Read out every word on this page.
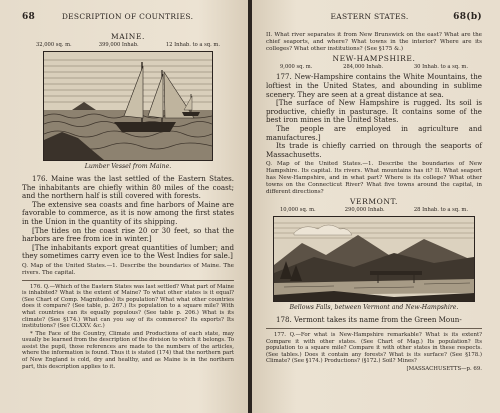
68	DESCRIPTION OF COUNTRIES.
MAINE.
32,000 sq. m.	399,000 Inhab.	12 Inhab. to a sq. m.
Lumber Vessel from Maine.

176. Maine was the last settled of the Eastern States. The inhabitants are chiefly within 80 miles of the coast; and the northern half is still covered with forests.

The extensive sea coasts and fine harbors of Maine are favorable to commerce, as it is now among the first states in the Union in the quantity of its shipping.

[The tides on the coast rise 20 or 30 feet, so that the harbors are free from ice in winter.]

[The inhabitants export great quantities of lumber; and they sometimes carry even ice to the West Indies for sale.]

Q. Map of the United States.—1. Describe the boundaries of Maine. The rivers. The capital.

176. Q.—Which of the Eastern States was last settled? What part of Maine is inhabited? What is the extent of Maine? To what other states is it equal? (See Chart of Comp. Magnitudes) Its population? What what other countries does it compare? (See table, p. 267.) Its population to a square mile? With what countries can its equally populous? (See table p. 206.) What is its climate? (See §174.) What can you say of its commerce? Its exports? Its institutions? (See CLXXV. &c.)

* The Face of the Country, Climate and Productions of each state, may usually be learned from the description of the division to which it belongs. To assist the pupil, those references are made to the numbers of the articles, where the information is found. Thus it is stated (174) that the northern part of New England is cold, dry and healthy, and as Maine is in the northern part, this description applies to it.

EASTERN STATES.	68(b)
II. What river separates it from New Brunswick on the east? What are the chief seaports, and where? What towns in the interior? Where are its colleges? What other institutions? (See §175 &.)
NEW-HAMPSHIRE.
9,000 sq. m.	284,000 Inhab.	30 Inhab. to a sq. m.

177. New-Hampshire contains the White Mountains, the loftiest in the United States, and abounding in sublime scenery. They are seen at a great distance at sea.

[The surface of New Hampshire is rugged. Its soil is productive, chiefly in pasturage. It contains some of the best iron mines in the United States.

The people are employed in agriculture and manufactures.]

Its trade is chiefly carried on through the seaports of Massachusetts.

Q. Map of the United States.—1. Describe the boundaries of New Hampshire. Its capital. Its rivers. What mountains has it? II. What seaport has New-Hampshire, and in what part? Where is its college? What other towns on the Connecticut River? What five towns around the capital, in different directions?
VERMONT.
10,000 sq. m.	290,000 Inhab.	28 Inhab. to a sq. m.
Bellows Falls, between Vermont and New-Hampshire.

178. Vermont takes its name from the Green Moun-

177. Q.—For what is New-Hampshire remarkable? What is its extent? Compare it with other states. (See Chart of Mag.) Its population? Its population to a square mile? Compare it with other states in these respects. (See tables.) Does it contain any forests? What is its surface? (See §178.) Climate? (See §174.) Productions? (§172.) Soil? Mines?

[MASSACHUSETTS—p. 69.
